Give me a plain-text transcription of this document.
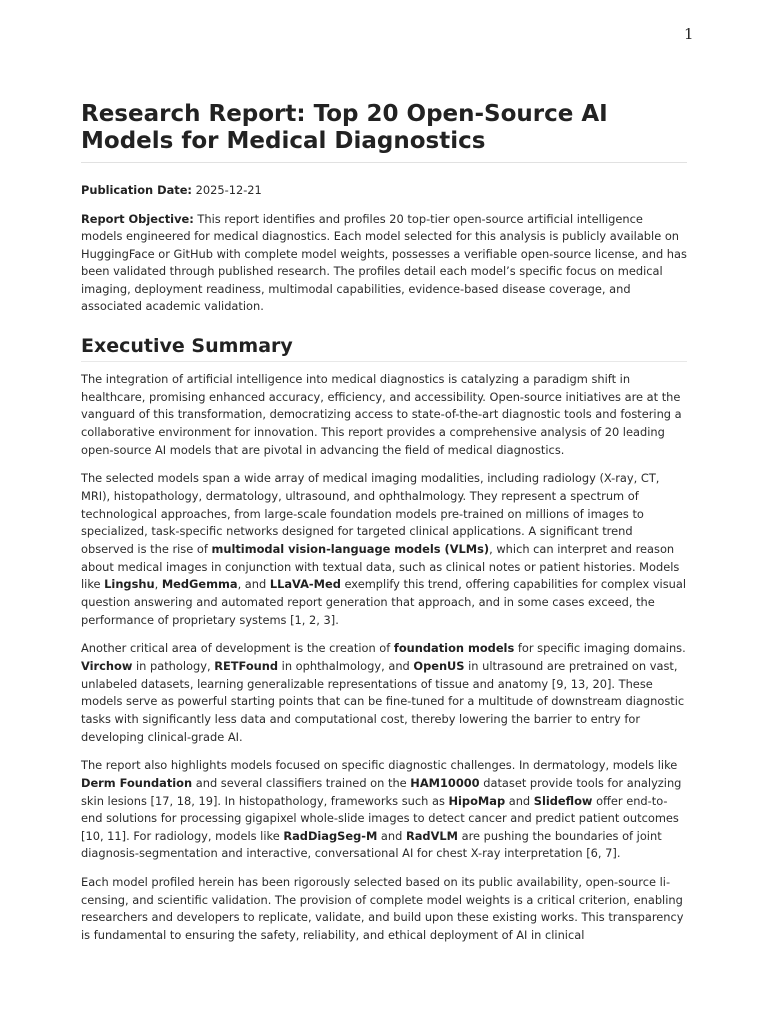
1
Research Report: Top 20 Open-Source AI Models for Medical Diagnostics

Publication Date: 2025-12-21

Report Objective: This report identifies and profiles 20 top-tier open-source artificial intelligence models engineered for medical diagnostics. Each model selected for this analysis is publicly available on HuggingFace or GitHub with complete model weights, possesses a verifiable open-source license, and has been validated through published research. The profiles detail each model’s specific focus on medical imaging, deployment readiness, multimodal capabilities, evidence-based disease coverage, and associated academic validation.

Executive Summary

The integration of artificial intelligence into medical diagnostics is catalyzing a paradigm shift in healthcare, promising enhanced accuracy, efficiency, and accessibility. Open-source initiatives are at the vanguard of this transformation, democratizing access to state-of-the-art diagnostic tools and fostering a collaborative environment for innovation. This report provides a comprehensive analysis of 20 leading open-source AI models that are pivotal in advancing the field of medical diagnostics.

The selected models span a wide array of medical imaging modalities, including radiology (X-ray, CT, MRI), histopathology, dermatology, ultrasound, and ophthalmology. They represent a spectrum of technological approaches, from large-scale foundation models pre-trained on millions of images to specialized, task-specific networks designed for targeted clinical applications. A significant trend observed is the rise of multimodal vision-language models (VLMs), which can interpret and reason about medical images in conjunction with textual data, such as clinical notes or patient histories. Models like Lingshu, MedGemma, and LLaVA-Med exemplify this trend, offering capabilities for complex visual question answering and automated report generation that approach, and in some cases exceed, the performance of proprietary systems [1, 2, 3].

Another critical area of development is the creation of foundation models for specific imaging domains. Virchow in pathology, RETFound in ophthalmology, and OpenUS in ultrasound are pretrained on vast, unlabeled datasets, learning generalizable representations of tissue and anatomy [9, 13, 20]. These models serve as powerful starting points that can be fine-tuned for a multitude of downstream diagnostic tasks with significantly less data and computational cost, thereby lowering the barrier to entry for developing clinical-grade AI.

The report also highlights models focused on specific diagnostic challenges. In dermatology, models like Derm Foundation and several classifiers trained on the HAM10000 dataset provide tools for analyzing skin lesions [17, 18, 19]. In histopathology, frameworks such as HipoMap and Slideflow offer end-to-end solutions for processing gigapixel whole-slide images to detect cancer and predict patient outcomes [10, 11]. For radiology, models like RadDiagSeg-M and RadVLM are pushing the boundaries of joint diagnosis-segmentation and interactive, conversational AI for chest X-ray interpretation [6, 7].

Each model profiled herein has been rigorously selected based on its public availability, open-source licensing, and scientific validation. The provision of complete model weights is a critical criterion, enabling researchers and developers to replicate, validate, and build upon these existing works. This transparency is fundamental to ensuring the safety, reliability, and ethical deployment of AI in clinical
